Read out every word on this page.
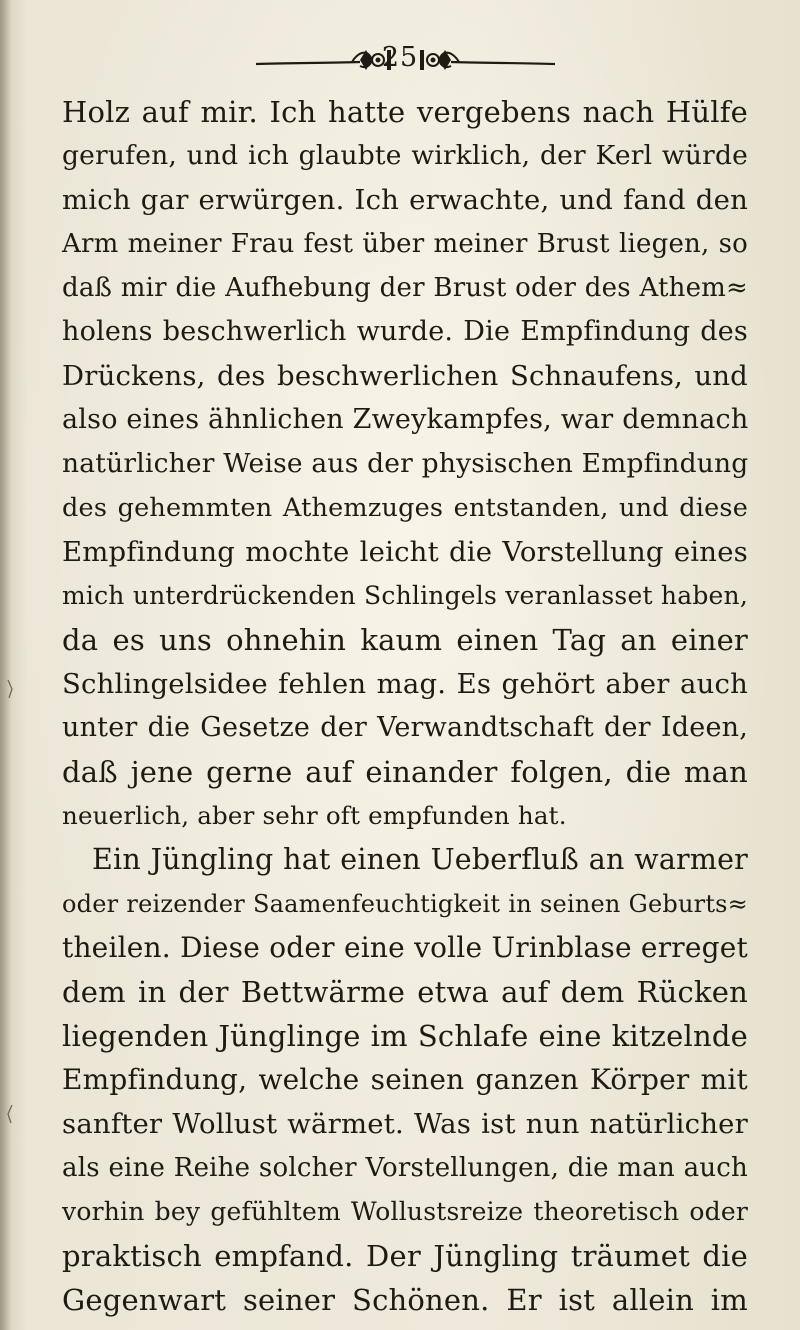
25
Holz auf mir. Ich hatte vergebens nach Hülfe
gerufen, und ich glaubte wirklich, der Kerl würde
mich gar erwürgen. Ich erwachte, und fand den
Arm meiner Frau fest über meiner Brust liegen, so
daß mir die Aufhebung der Brust oder des Athem≈
holens beschwerlich wurde. Die Empfindung des
Drückens, des beschwerlichen Schnaufens, und
also eines ähnlichen Zweykampfes, war demnach
natürlicher Weise aus der physischen Empfindung
des gehemmten Athemzuges entstanden, und diese
Empfindung mochte leicht die Vorstellung eines
mich unterdrückenden Schlingels veranlasset haben,
da es uns ohnehin kaum einen Tag an einer
Schlingelsidee fehlen mag. Es gehört aber auch
unter die Gesetze der Verwandtschaft der Ideen,
daß jene gerne auf einander folgen, die man
neuerlich, aber sehr oft empfunden hat.
Ein Jüngling hat einen Ueberfluß an warmer
oder reizender Saamenfeuchtigkeit in seinen Geburts≈
theilen. Diese oder eine volle Urinblase erreget
dem in der Bettwärme etwa auf dem Rücken
liegenden Jünglinge im Schlafe eine kitzelnde
Empfindung, welche seinen ganzen Körper mit
sanfter Wollust wärmet. Was ist nun natürlicher
als eine Reihe solcher Vorstellungen, die man auch
vorhin bey gefühltem Wollustsreize theoretisch oder
praktisch empfand. Der Jüngling träumet die
Gegenwart seiner Schönen. Er ist allein im
